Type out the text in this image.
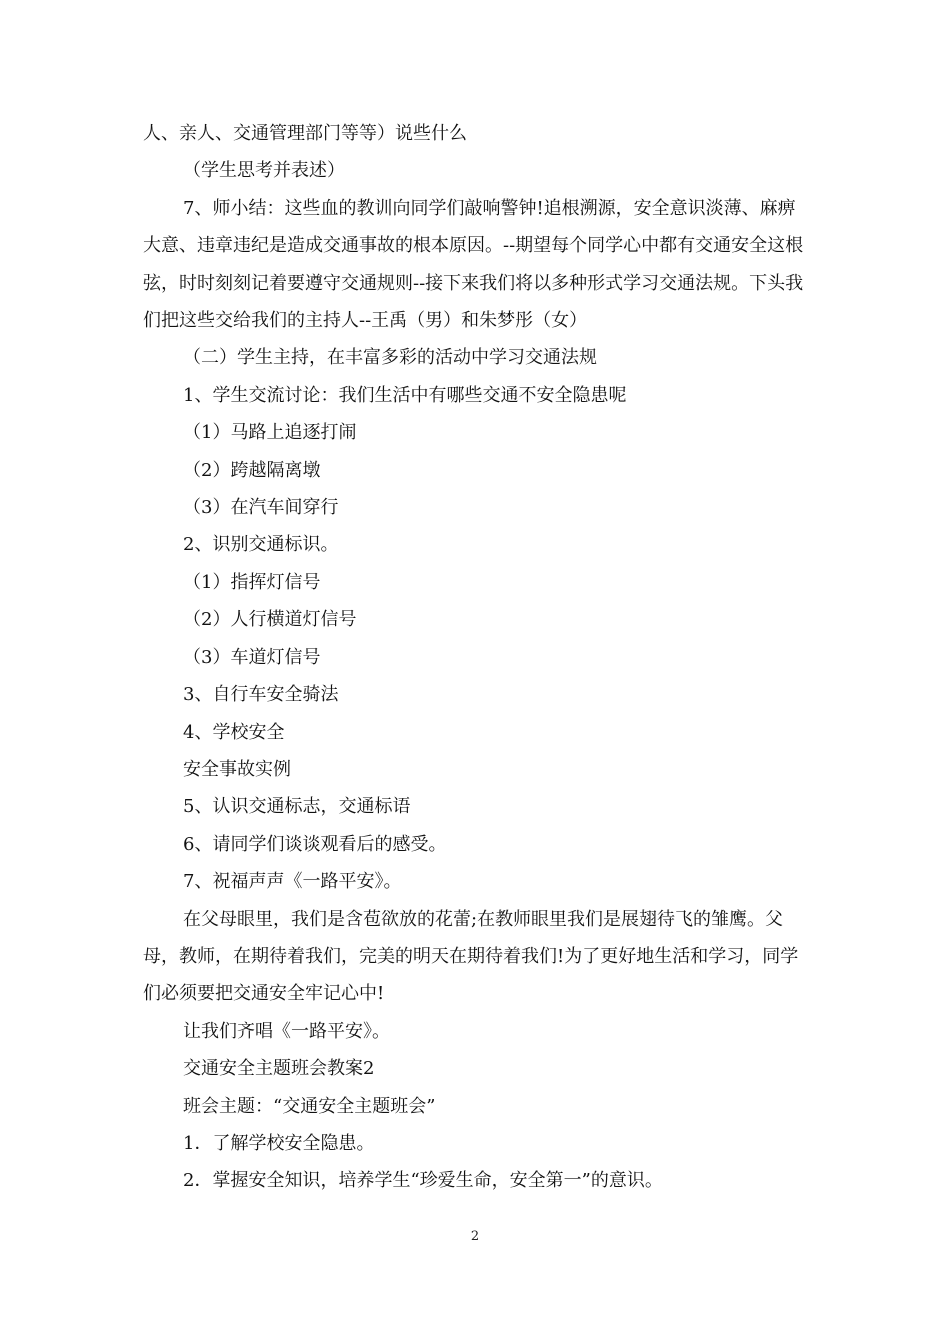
人、亲人、交通管理部门等等）说些什么

（学生思考并表述）

7、师小结：这些血的教训向同学们敲响警钟!追根溯源，安全意识淡薄、麻痹大意、违章违纪是造成交通事故的根本原因。--期望每个同学心中都有交通安全这根弦，时时刻刻记着要遵守交通规则--接下来我们将以多种形式学习交通法规。下头我们把这些交给我们的主持人--王禹（男）和朱梦彤（女）

（二）学生主持，在丰富多彩的活动中学习交通法规

1、学生交流讨论：我们生活中有哪些交通不安全隐患呢

（1）马路上追逐打闹

（2）跨越隔离墩

（3）在汽车间穿行

2、识别交通标识。

（1）指挥灯信号

（2）人行横道灯信号

（3）车道灯信号

3、自行车安全骑法

4、学校安全

安全事故实例

5、认识交通标志，交通标语

6、请同学们谈谈观看后的感受。

7、祝福声声《一路平安》。

在父母眼里，我们是含苞欲放的花蕾;在教师眼里我们是展翅待飞的雏鹰。父母，教师，在期待着我们，完美的明天在期待着我们!为了更好地生活和学习，同学们必须要把交通安全牢记心中!

让我们齐唱《一路平安》。

交通安全主题班会教案2

班会主题：“交通安全主题班会”

1．了解学校安全隐患。

2．掌握安全知识，培养学生“珍爱生命，安全第一”的意识。

2
